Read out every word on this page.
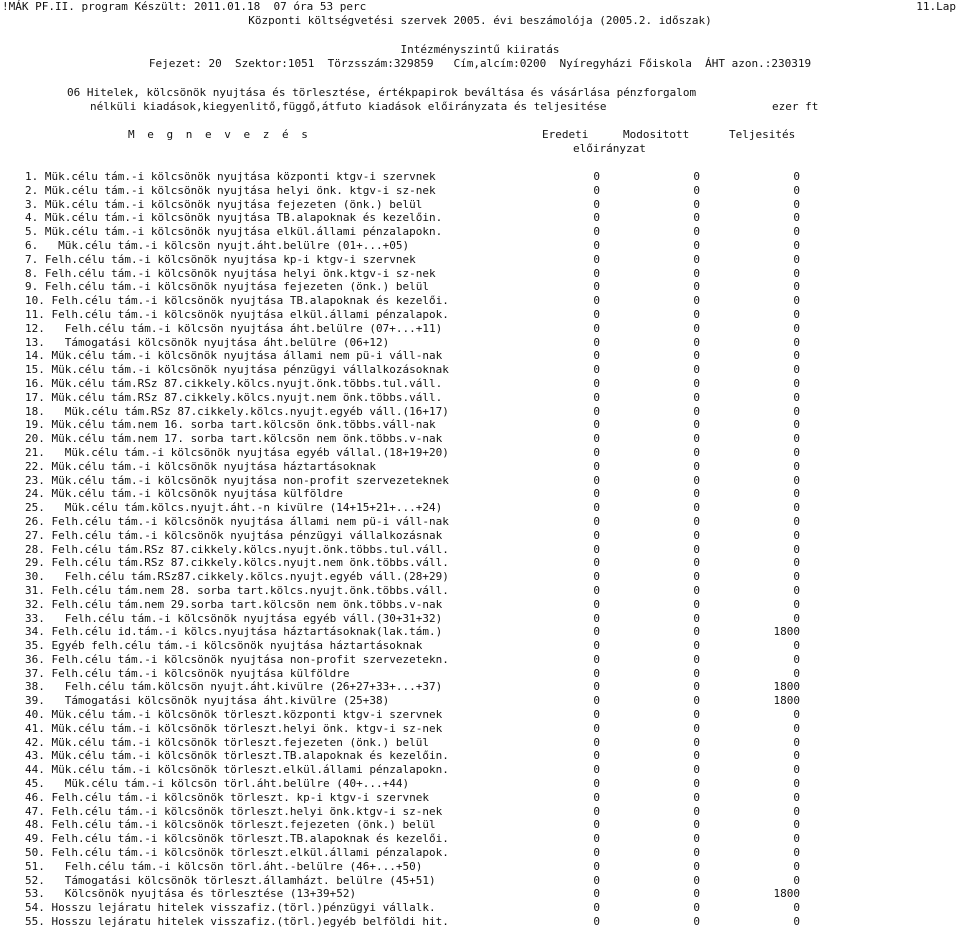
!MÁK PF.II. program Készült: 2011.01.18  07 óra 53 perc	11.Lap
Központi költségvetési szervek 2005. évi beszámolója (2005.2. időszak)
Intézményszintű kiiratás
Fejezet: 20  Szektor:1051  Törzsszám:329859   Cím,alcím:0200  Nyíregyházi Főiskola  ÁHT azon.:230319
06 Hitelek, kölcsönök nyujtása és törlesztése, értékpapirok beváltása és vásárlása pénzforgalom
nélküli kiadások,kiegyenlitő,függő,átfuto kiadások előirányzata és teljesitése	ezer ft
M e g n e v e z é s	Eredeti
előirányzat
Modositott	Teljesités
1. Mük.célu tám.-i kölcsönök nyujtása központi ktgv-i szervnek	0	0	0
2. Mük.célu tám.-i kölcsönök nyujtása helyi önk. ktgv-i sz-nek	0	0	0
3. Mük.célu tám.-i kölcsönök nyujtása fejezeten (önk.) belül	0	0	0
4. Mük.célu tám.-i kölcsönök nyujtása TB.alapoknak és kezelőin.	0	0	0
5. Mük.célu tám.-i kölcsönök nyujtása elkül.állami pénzalapokn.	0	0	0
6.   Mük.célu tám.-i kölcsön nyujt.áht.belülre (01+...+05)	0	0	0
7. Felh.célu tám.-i kölcsönök nyujtása kp-i ktgv-i szervnek	0	0	0
8. Felh.célu tám.-i kölcsönök nyujtása helyi önk.ktgv-i sz-nek	0	0	0
9. Felh.célu tám.-i kölcsönök nyujtása fejezeten (önk.) belül	0	0	0
10. Felh.célu tám.-i kölcsönök nyujtása TB.alapoknak és kezelői.	0	0	0
11. Felh.célu tám.-i kölcsönök nyujtása elkül.állami pénzalapok.	0	0	0
12.   Felh.célu tám.-i kölcsön nyujtása áht.belülre (07+...+11)	0	0	0
13.   Támogatási kölcsönök nyujtása áht.belülre (06+12)	0	0	0
14. Mük.célu tám.-i kölcsönök nyujtása állami nem pü-i váll-nak	0	0	0
15. Mük.célu tám.-i kölcsönök nyujtása pénzügyi vállalkozásoknak	0	0	0
16. Mük.célu tám.RSz 87.cikkely.kölcs.nyujt.önk.többs.tul.váll.	0	0	0
17. Mük.célu tám.RSz 87.cikkely.kölcs.nyujt.nem önk.többs.váll.	0	0	0
18.   Mük.célu tám.RSz 87.cikkely.kölcs.nyujt.egyéb váll.(16+17)	0	0	0
19. Mük.célu tám.nem 16. sorba tart.kölcsön önk.többs.váll-nak	0	0	0
20. Mük.célu tám.nem 17. sorba tart.kölcsön nem önk.többs.v-nak	0	0	0
21.   Mük.célu tám.-i kölcsönök nyujtása egyéb vállal.(18+19+20)	0	0	0
22. Mük.célu tám.-i kölcsönök nyujtása háztartásoknak	0	0	0
23. Mük.célu tám.-i kölcsönök nyujtása non-profit szervezeteknek	0	0	0
24. Mük.célu tám.-i kölcsönök nyujtása külföldre	0	0	0
25.   Mük.célu tám.kölcs.nyujt.áht.-n kivülre (14+15+21+...+24)	0	0	0
26. Felh.célu tám.-i kölcsönök nyujtása állami nem pü-i váll-nak	0	0	0
27. Felh.célu tám.-i kölcsönök nyujtása pénzügyi vállalkozásnak	0	0	0
28. Felh.célu tám.RSz 87.cikkely.kölcs.nyujt.önk.többs.tul.váll.	0	0	0
29. Felh.célu tám.RSz 87.cikkely.kölcs.nyujt.nem önk.többs.váll.	0	0	0
30.   Felh.célu tám.RSz87.cikkely.kölcs.nyujt.egyéb váll.(28+29)	0	0	0
31. Felh.célu tám.nem 28. sorba tart.kölcs.nyujt.önk.többs.váll.	0	0	0
32. Felh.célu tám.nem 29.sorba tart.kölcsön nem önk.többs.v-nak	0	0	0
33.   Felh.célu tám.-i kölcsönök nyujtása egyéb váll.(30+31+32)	0	0	0
34. Felh.célu id.tám.-i kölcs.nyujtása háztartásoknak(lak.tám.)	0	0	1800
35. Egyéb felh.célu tám.-i kölcsönök nyujtása háztartásoknak	0	0	0
36. Felh.célu tám.-i kölcsönök nyujtása non-profit szervezetekn.	0	0	0
37. Felh.célu tám.-i kölcsönök nyujtása külföldre	0	0	0
38.   Felh.célu tám.kölcsön nyujt.áht.kivülre (26+27+33+...+37)	0	0	1800
39.   Támogatási kölcsönök nyujtása áht.kivülre (25+38)	0	0	1800
40. Mük.célu tám.-i kölcsönök törleszt.központi ktgv-i szervnek	0	0	0
41. Mük.célu tám.-i kölcsönök törleszt.helyi önk. ktgv-i sz-nek	0	0	0
42. Mük.célu tám.-i kölcsönök törleszt.fejezeten (önk.) belül	0	0	0
43. Mük.célu tám.-i kölcsönök törleszt.TB.alapoknak és kezelőin.	0	0	0
44. Mük.célu tám.-i kölcsönök törleszt.elkül.állami pénzalapokn.	0	0	0
45.   Mük.célu tám.-i kölcsön törl.áht.belülre (40+...+44)	0	0	0
46. Felh.célu tám.-i kölcsönök törleszt. kp-i ktgv-i szervnek	0	0	0
47. Felh.célu tám.-i kölcsönök törleszt.helyi önk.ktgv-i sz-nek	0	0	0
48. Felh.célu tám.-i kölcsönök törleszt.fejezeten (önk.) belül	0	0	0
49. Felh.célu tám.-i kölcsönök törleszt.TB.alapoknak és kezelői.	0	0	0
50. Felh.célu tám.-i kölcsönök törleszt.elkül.állami pénzalapok.	0	0	0
51.   Felh.célu tám.-i kölcsön törl.áht.-belülre (46+...+50)	0	0	0
52.   Támogatási kölcsönök törleszt.államházt. belülre (45+51)	0	0	0
53.   Kölcsönök nyujtása és törlesztése (13+39+52)	0	0	1800
54. Hosszu lejáratu hitelek visszafiz.(törl.)pénzügyi vállalk.	0	0	0
55. Hosszu lejáratu hitelek visszafiz.(törl.)egyéb belföldi hit.	0	0	0
